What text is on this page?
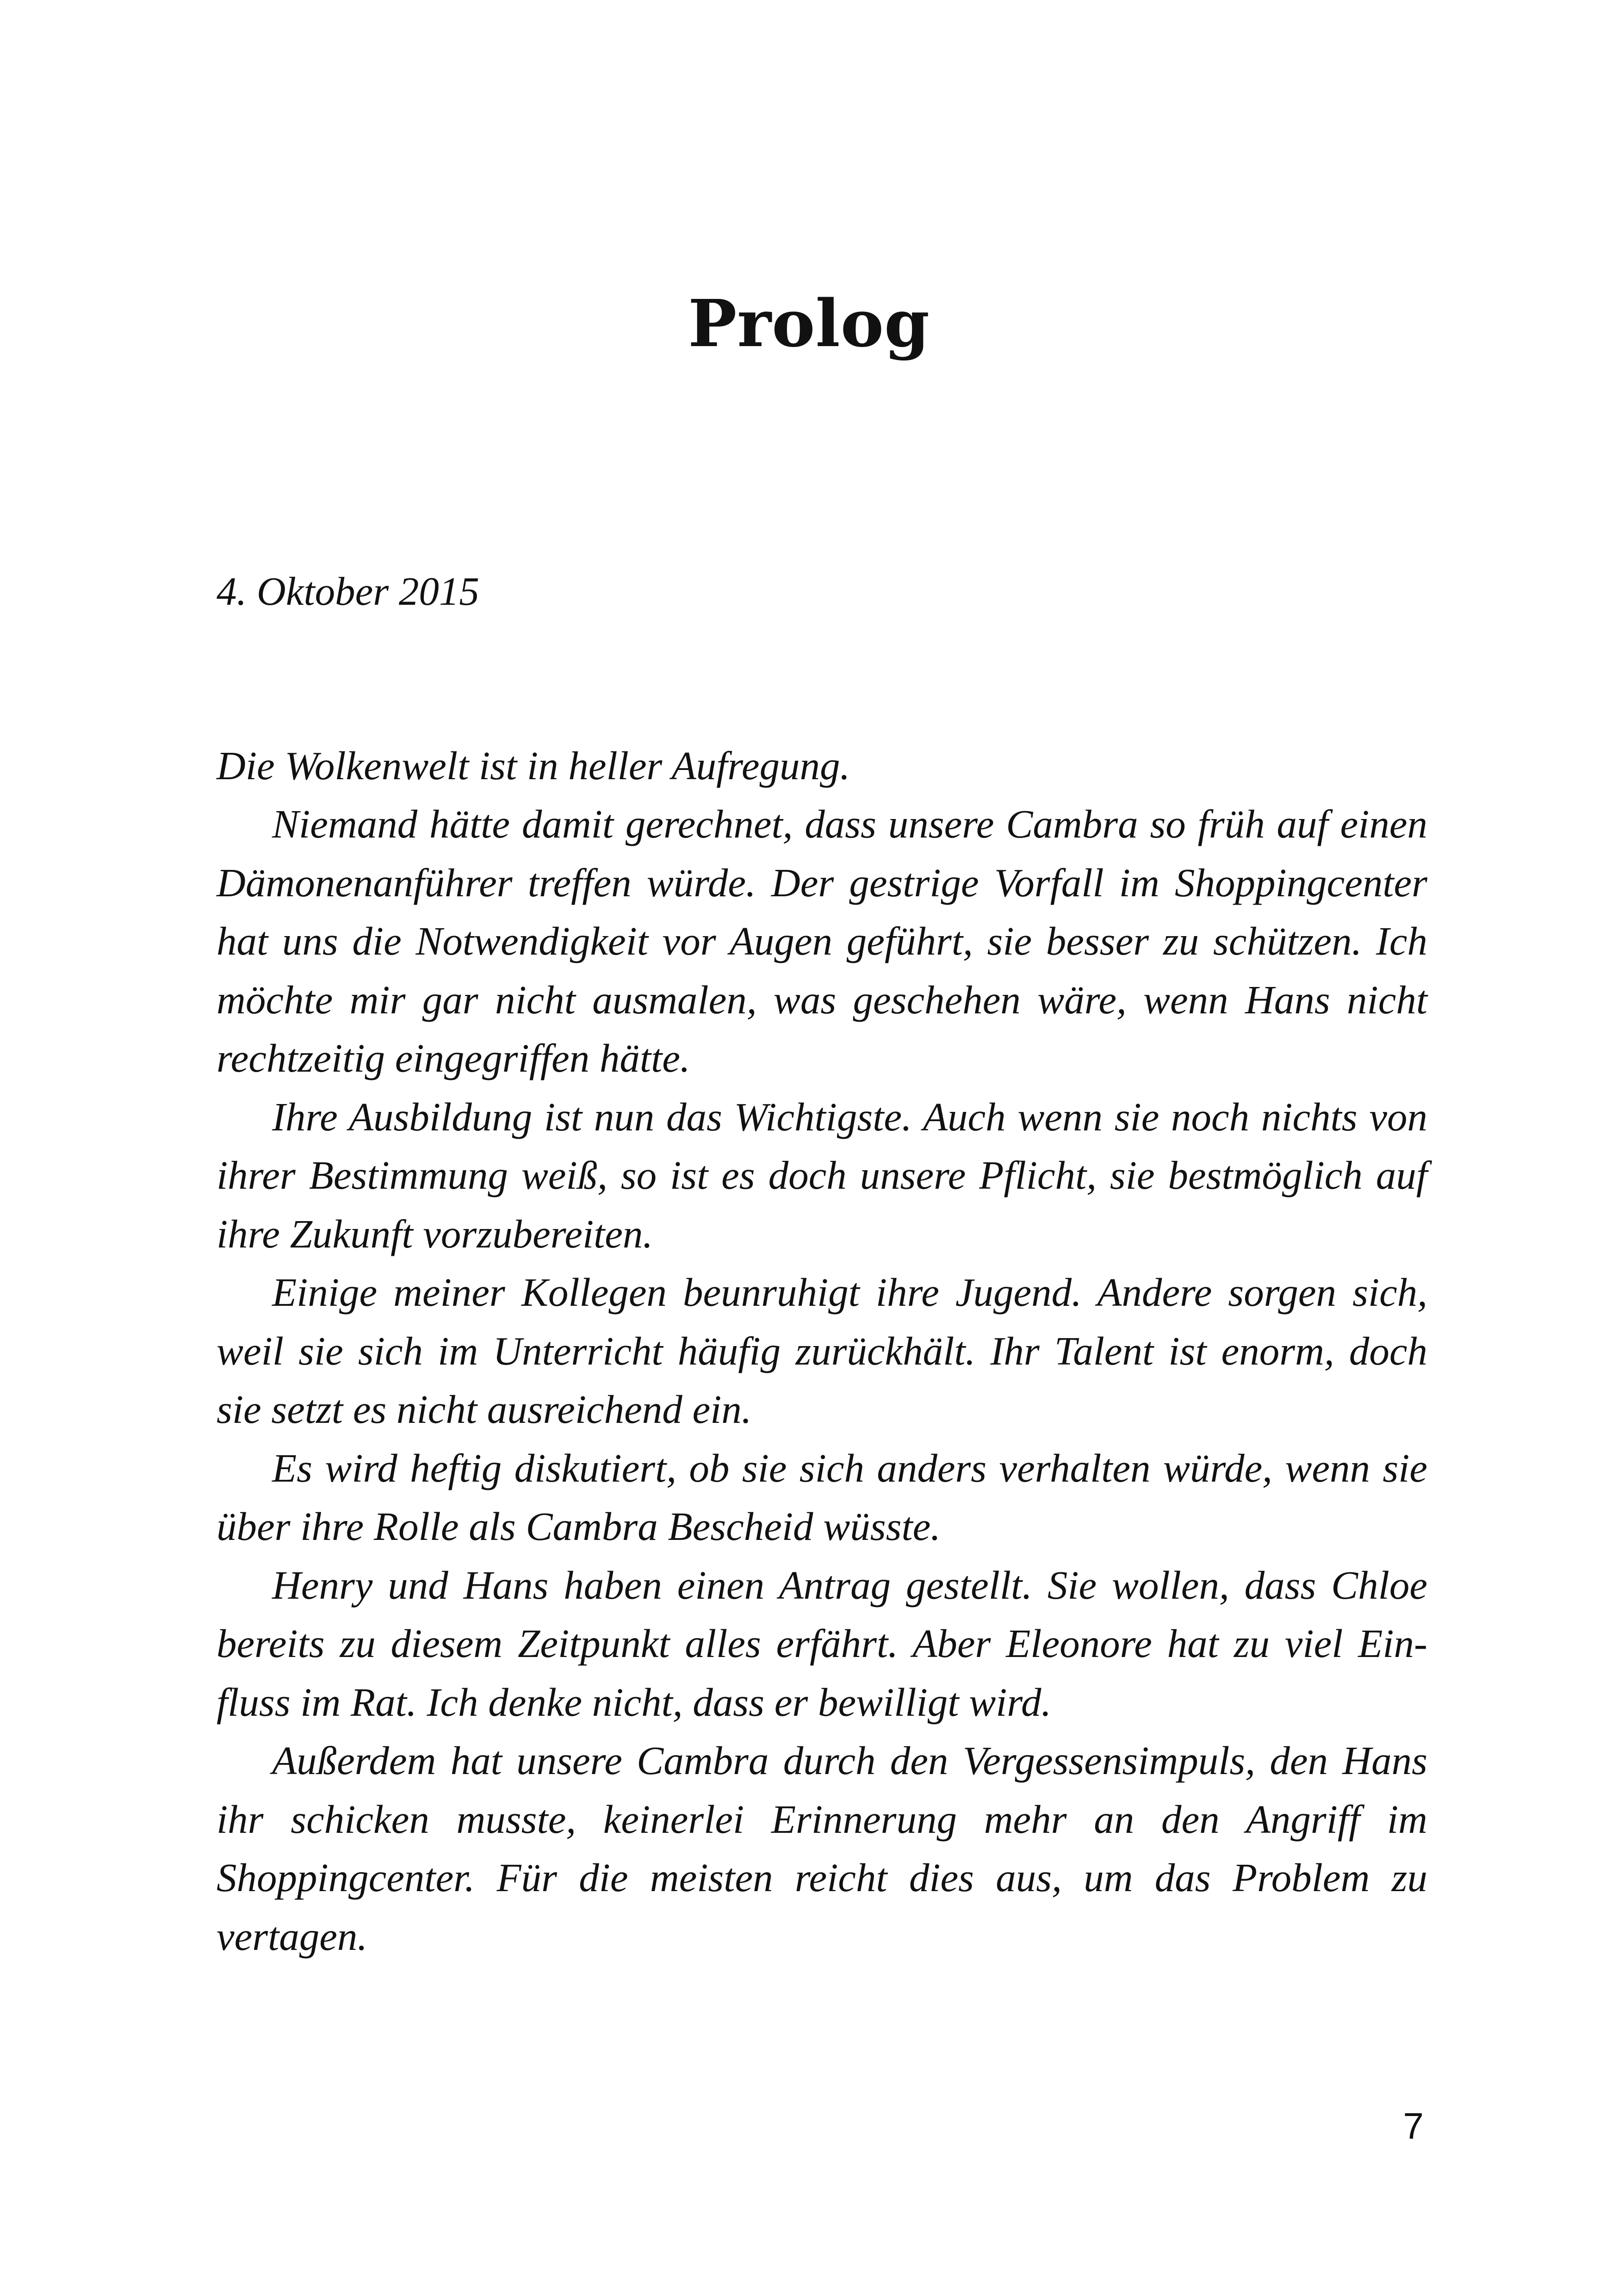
Prolog

4. Oktober 2015

Die Wolkenwelt ist in heller Aufregung.

Niemand hätte damit gerechnet, dass unsere Cambra so früh auf einen Dämonenanführer treffen würde. Der gestrige Vorfall im Shoppingcenter hat uns die Notwendigkeit vor Augen geführt, sie besser zu schützen. Ich möchte mir gar nicht ausmalen, was geschehen wäre, wenn Hans nicht rechtzeitig eingegriffen hätte.

Ihre Ausbildung ist nun das Wichtigste. Auch wenn sie noch nichts von ihrer Bestimmung weiß, so ist es doch unsere Pflicht, sie bestmöglich auf ihre Zukunft vorzubereiten.

Einige meiner Kollegen beunruhigt ihre Jugend. Andere sorgen sich, weil sie sich im Unterricht häufig zurückhält. Ihr Talent ist enorm, doch sie setzt es nicht ausreichend ein.

Es wird heftig diskutiert, ob sie sich anders verhalten würde, wenn sie über ihre Rolle als Cambra Bescheid wüsste.

Henry und Hans haben einen Antrag gestellt. Sie wollen, dass Chloe bereits zu diesem Zeitpunkt alles erfährt. Aber Eleonore hat zu viel Einfluss im Rat. Ich denke nicht, dass er bewilligt wird.

Außerdem hat unsere Cambra durch den Vergessensimpuls, den Hans ihr schicken musste, keinerlei Erinnerung mehr an den Angriff im Shoppingcenter. Für die meisten reicht dies aus, um das Problem zu vertagen.

7
